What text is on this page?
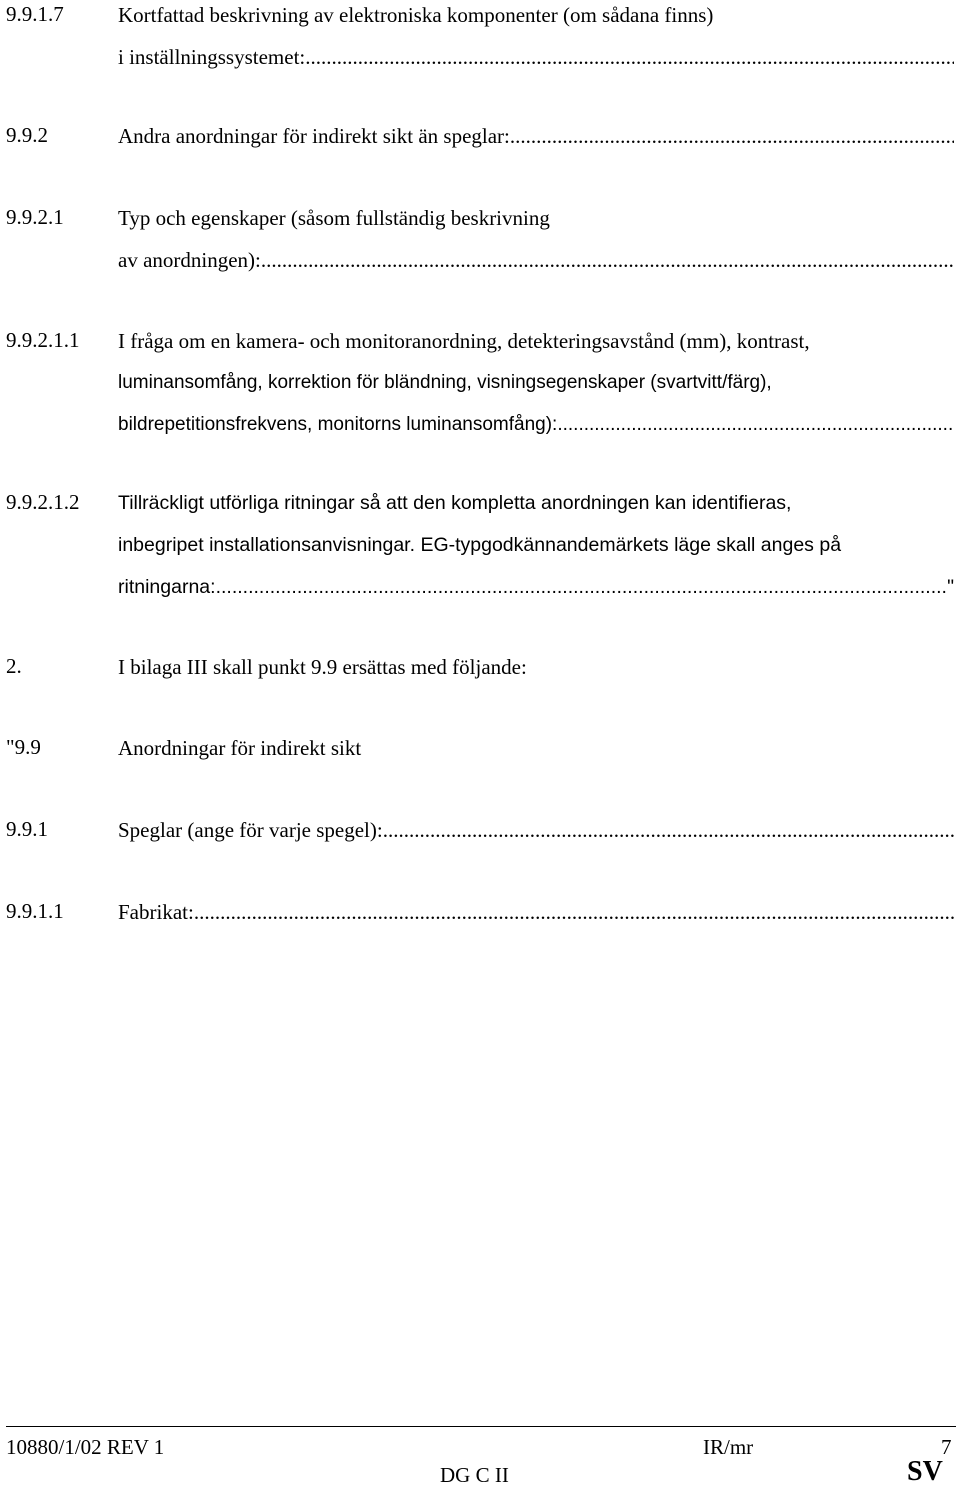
9.9.1.7	Kortfattad beskrivning av elektroniska komponenter (om sådana finns)
i inställningssystemet:
.....
9.9.2	Andra anordningar för indirekt sikt än speglar:
.....
9.9.2.1	Typ och egenskaper (såsom fullständig beskrivning
av anordningen):
.....
9.9.2.1.1 I fråga om en kamera- och monitoranordning, detekteringsavstånd (mm), kontrast,
luminansomfång, korrektion för bländning, visningsegenskaper (svartvitt/färg),
bildrepetitionsfrekvens, monitorns luminansomfång):
.....
9.9.2.1.2 Tillräckligt utförliga ritningar så att den kompletta anordningen kan identifieras,
inbegripet installationsanvisningar. EG-typgodkännandemärkets läge skall anges på
ritningarna:
.....	"
2.	I bilaga III skall punkt 9.9 ersättas med följande:
"9.9	Anordningar för indirekt sikt
9.9.1	Speglar (ange för varje spegel):
.....
9.9.1.1	Fabrikat:
.....
10880/1/02 REV 1	IR/mr	7
DG C II	SV
